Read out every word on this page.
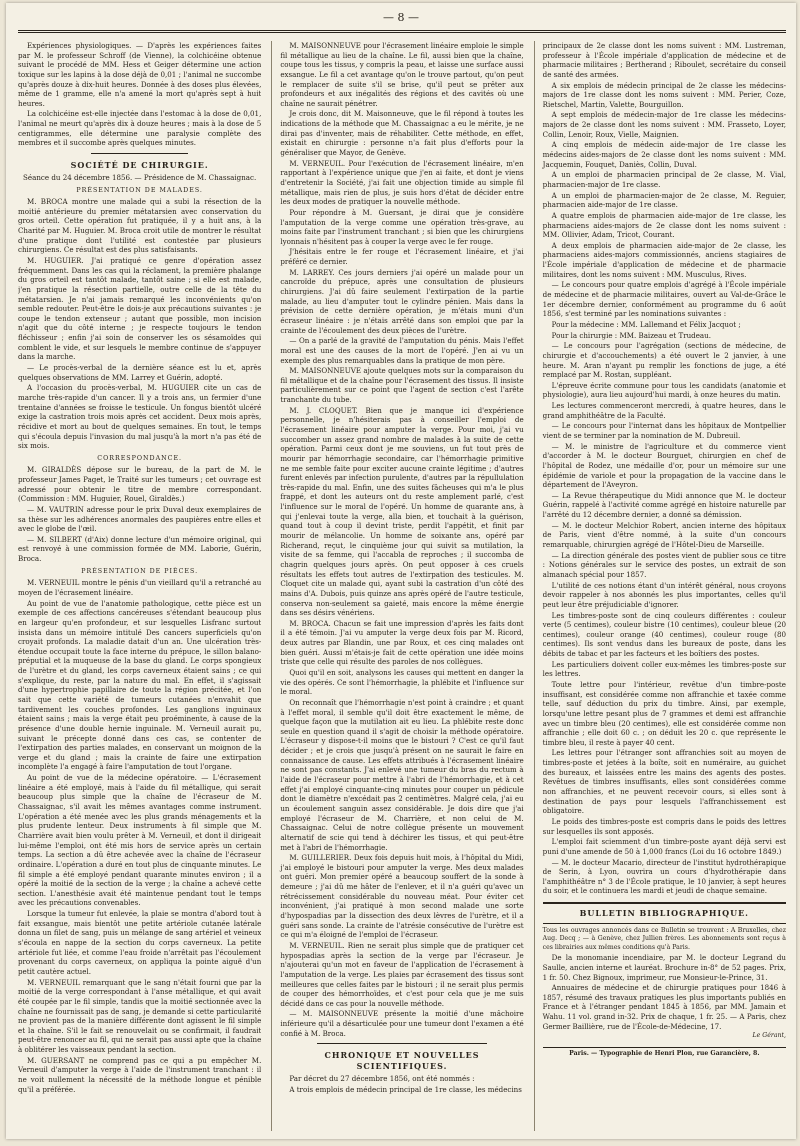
— 8 —

Expériences physiologiques. — D'après les expériences faites par M. le professeur Schroff (de Vienne), la colchicéine obtenue suivant le procédé de MM. Hess et Geiger détermine une action toxique sur les lapins à la dose déjà de 0,01 ; l'animal ne succombe qu'après douze à dix-huit heures. Donnée à des doses plus élevées, même de 1 gramme, elle n'a amené la mort qu'après sept à huit heures.

La colchicéine est-elle injectée dans l'estomac à la dose de 0,01, l'animal ne meurt qu'après dix à douze heures ; mais à la dose de 5 centigrammes, elle détermine une paralysie complète des membres et il succombe après quelques minutes.

SOCIÉTÉ DE CHIRURGIE.

Séance du 24 décembre 1856. — Présidence de M. Chassaignac.

PRÉSENTATION DE MALADES.

M. BROCA montre une malade qui a subi la résection de la moitié antérieure du premier métatarsien avec conservation du gros orteil. Cette opération fut pratiquée, il y a huit ans, à la Charité par M. Huguier. M. Broca croit utile de montrer le résultat d'une pratique dont l'utilité est contestée par plusieurs chirurgiens. Ce résultat est des plus satisfaisants.

M. HUGUIER. J'ai pratiqué ce genre d'opération assez fréquemment. Dans les cas qui la réclament, la première phalange du gros orteil est tantôt malade, tantôt saine ; si elle est malade, j'en pratique la résection partielle, outre celle de la tête du métatarsien. Je n'ai jamais remarqué les inconvénients qu'on semble redouter. Peut-être le dois-je aux précautions suivantes : je coupe le tendon extenseur ; autant que possible, mon incision n'agit que du côté interne ; je respecte toujours le tendon fléchisseur ; enfin j'ai soin de conserver les os sésamoïdes qui comblent le vide, et sur lesquels le membre continue de s'appuyer dans la marche.

— Le procès-verbal de la dernière séance est lu et, après quelques observations de MM. Larrey et Guérin, adopté.

A l'occasion du procès-verbal, M. HUGUIER cite un cas de marche très-rapide d'un cancer. Il y a trois ans, un fermier d'une trentaine d'années se froisse le testicule. Un fongus bientôt ulcéré exige la castration trois mois après cet accident. Deux mois après, récidive et mort au bout de quelques semaines. En tout, le temps qui s'écoula depuis l'invasion du mal jusqu'à la mort n'a pas été de six mois.

CORRESPONDANCE.

M. GIRALDÈS dépose sur le bureau, de la part de M. le professeur James Paget, le Traité sur les tumeurs ; cet ouvrage est adressé pour obtenir le titre de membre correspondant. (Commission : MM. Huguier, Rouel, Giraldès.)

— M. VAUTRIN adresse pour le prix Duval deux exemplaires de sa thèse sur les adhérences anormales des paupières entre elles et avec le globe de l'œil.

— M. SILBERT (d'Aix) donne lecture d'un mémoire original, qui est renvoyé à une commission formée de MM. Laborie, Guérin, Broca.

PRÉSENTATION DE PIÈCES.

M. VERNEUIL montre le pénis d'un vieillard qu'il a retranché au moyen de l'écrasement linéaire.

Au point de vue de l'anatomie pathologique, cette pièce est un exemple de ces affections cancéreuses s'étendant beaucoup plus en largeur qu'en profondeur, et sur lesquelles Lisfranc surtout insista dans un mémoire intitulé Des cancers superficiels qu'on croyait profonds. La maladie datait d'un an. Une ulcération très-étendue occupait toute la face interne du prépuce, le sillon balano-préputial et la muqueuse de la base du gland. Le corps spongieux de l'urètre et du gland, les corps caverneux étaient sains ; ce qui s'explique, du reste, par la nature du mal. En effet, il s'agissait d'une hypertrophie papillaire de toute la région précitée, et l'on sait que cette variété de tumeurs cutanées n'envahit que tardivement les couches profondes. Les ganglions inguinaux étaient sains ; mais la verge était peu proéminente, à cause de la présence d'une double hernie inguinale. M. Verneuil aurait pu, suivant le précepte donné dans ces cas, se contenter de l'extirpation des parties malades, en conservant un moignon de la verge et du gland ; mais la crainte de faire une extirpation incomplète l'a engagé à faire l'amputation de tout l'organe.

Au point de vue de la médecine opératoire. — L'écrasement linéaire a été employé, mais à l'aide du fil métallique, qui serait beaucoup plus simple que la chaîne de l'écraseur de M. Chassaignac, s'il avait les mêmes avantages comme instrument. L'opération a été menée avec les plus grands ménagements et la plus prudente lenteur. Deux instruments à fil simple que M. Charrière avait bien voulu prêter à M. Verneuil, et dont il dirigeait lui-même l'emploi, ont été mis hors de service après un certain temps. La section a dû être achevée avec la chaîne de l'écraseur ordinaire. L'opération a duré en tout plus de cinquante minutes. Le fil simple a été employé pendant quarante minutes environ ; il a opéré la moitié de la section de la verge ; la chaîne a achevé cette section. L'anesthésie avait été maintenue pendant tout le temps avec les précautions convenables.

Lorsque la tumeur fut enlevée, la plaie se montra d'abord tout à fait exsangue, mais bientôt une petite artériole cutanée latérale donna un filet de sang, puis un mélange de sang artériel et veineux s'écoula en nappe de la section du corps caverneux. La petite artériole fut liée, et comme l'eau froide n'arrêtait pas l'écoulement provenant du corps caverneux, on appliqua la pointe aiguë d'un petit cautère actuel.

M. VERNEUIL remarquant que le sang n'était fourni que par la moitié de la verge correspondant à l'anse métallique, et qui avait été coupée par le fil simple, tandis que la moitié sectionnée avec la chaîne ne fournissait pas de sang, je demande si cette particularité ne provient pas de la manière différente dont agissent le fil simple et la chaîne. S'il le fait se renouvelait ou se confirmait, il faudrait peut-être renoncer au fil, qui ne serait pas aussi apte que la chaîne à oblitérer les vaisseaux pendant la section.

M. GUERSANT ne comprend pas ce qui a pu empêcher M. Verneuil d'amputer la verge à l'aide de l'instrument tranchant : il ne voit nullement la nécessité de la méthode longue et pénible qu'il a préférée.

M. MAISONNEUVE pour l'écrasement linéaire emploie le simple fil métallique au lieu de la chaîne. Le fil, aussi bien que la chaîne, coupe tous les tissus, y compris la peau, et laisse une surface aussi exsangue. Le fil a cet avantage qu'on le trouve partout, qu'on peut le remplacer de suite s'il se brise, qu'il peut se prêter aux profondeurs et aux inégalités des régions et des cavités où une chaîne ne saurait pénétrer.

Je crois donc, dit M. Maisonneuve, que le fil répond à toutes les indications de la méthode que M. Chassaignac a eu le mérite, je ne dirai pas d'inventer, mais de réhabiliter. Cette méthode, en effet, existait en chirurgie : personne n'a fait plus d'efforts pour la généraliser que Mayor, de Genève.

M. VERNEUIL. Pour l'exécution de l'écrasement linéaire, m'en rapportant à l'expérience unique que j'en ai faite, et dont je viens d'entretenir la Société, j'ai fait une objection timide au simple fil métallique, mais rien de plus, je suis hors d'état de décider entre les deux modes de pratiquer la nouvelle méthode.

Pour répondre à M. Guersant, je dirai que je considère l'amputation de la verge comme une opération très-grave, au moins faite par l'instrument tranchant ; si bien que les chirurgiens lyonnais n'hésitent pas à couper la verge avec le fer rouge.

J'hésitais entre le fer rouge et l'écrasement linéaire, et j'ai préféré ce dernier.

M. LARREY. Ces jours derniers j'ai opéré un malade pour un cancroïde du prépuce, après une consultation de plusieurs chirurgiens. J'ai dû faire seulement l'extirpation de la partie malade, au lieu d'amputer tout le cylindre pénien. Mais dans la prévision de cette dernière opération, je m'étais muni d'un écraseur linéaire : je n'étais arrêté dans son emploi que par la crainte de l'écoulement des deux pièces de l'urètre.

— On a parlé de la gravité de l'amputation du pénis. Mais l'effet moral est une des causes de la mort de l'opéré. J'en ai vu un exemple des plus remarquables dans la pratique de mon père.

M. MAISONNEUVE ajoute quelques mots sur la comparaison du fil métallique et de la chaîne pour l'écrasement des tissus. Il insiste particulièrement sur ce point que l'agent de section c'est l'arête tranchante du tube.

M. J. CLOQUET. Bien que je manque ici d'expérience personnelle, je n'hésiterais pas à conseiller l'emploi de l'écrasement linéaire pour amputer la verge. Pour moi, j'ai vu succomber un assez grand nombre de malades à la suite de cette opération. Parmi ceux dont je me souviens, un fut tout près de mourir par hémorrhagie secondaire, car l'hémorrhagie primitive ne me semble faite pour exciter aucune crainte légitime ; d'autres furent enlevés par infection purulente, d'autres par la répullulation très-rapide du mal. Enfin, une des suites fâcheuses qui m'a le plus frappé, et dont les auteurs ont du reste amplement parlé, c'est l'influence sur le moral de l'opéré. Un homme de quarante ans, à qui j'enlevai toute la verge, alla bien, et touchait à la guérison, quand tout à coup il devint triste, perdit l'appétit, et finit par mourir de mélancolie. Un homme de soixante ans, opéré par Richerand, reçut, le cinquième jour qui suivit sa mutilation, la visite de sa femme, qui l'accabla de reproches ; il succomba de chagrin quelques jours après. On peut opposer à ces cruels résultats les effets tout autres de l'extirpation des testicules. M. Cloquet cite un malade qui, ayant subi la castration d'un côté des mains d'A. Dubois, puis quinze ans après opéré de l'autre testicule, conserva non-seulement sa gaieté, mais encore la même énergie dans ses désirs vénériens.

M. BROCA. Chacun se fait une impression d'après les faits dont il a été témoin. J'ai vu amputer la verge deux fois par M. Ricord, deux autres par Blandin, une par Roux, et ces cinq malades ont bien guéri. Aussi m'étais-je fait de cette opération une idée moins triste que celle qui résulte des paroles de nos collègues.

Quoi qu'il en soit, analysons les causes qui mettent en danger la vie des opérés. Ce sont l'hémorrhagie, la phlébite et l'influence sur le moral.

On reconnaît que l'hémorrhagie n'est point à craindre ; et quant à l'effet moral, il semble qu'il doit être exactement le même, de quelque façon que la mutilation ait eu lieu. La phlébite reste donc seule en question quand il s'agit de choisir la méthode opératoire. L'écraseur y dispose-t-il moins que le bistouri ? C'est ce qu'il faut décider ; et je crois que jusqu'à présent on ne saurait le faire en connaissance de cause. Les effets attribués à l'écrasement linéaire ne sont pas constants. J'ai enlevé une tumeur du bras du rectum à l'aide de l'écraseur pour mettre à l'abri de l'hémorrhagie, et à cet effet j'ai employé cinquante-cinq minutes pour couper un pédicule dont le diamètre n'excédait pas 2 centimètres. Malgré cela, j'ai eu un écoulement sanguin assez considérable. Je dois dire que j'ai employé l'écraseur de M. Charrière, et non celui de M. Chassaignac. Celui de notre collègue présente un mouvement alternatif de scie qui tend à déchirer les tissus, et qui peut-être met à l'abri de l'hémorrhagie.

M. GUILLERIER. Deux fois depuis huit mois, à l'hôpital du Midi, j'ai employé le bistouri pour amputer la verge. Mes deux malades ont guéri. Mon premier opéré a beaucoup souffert de la sonde à demeure ; j'ai dû me hâter de l'enlever, et il n'a guéri qu'avec un rétrécissement considérable du nouveau méat. Pour éviter cet inconvénient, j'ai pratiqué à mon second malade une sorte d'hypospadias par la dissection des deux lèvres de l'urètre, et il a guéri sans sonde. La crainte de l'atrésie consécutive de l'urètre est ce qui m'a éloigné de l'emploi de l'écraseur.

M. VERNEUIL. Rien ne serait plus simple que de pratiquer cet hypospadias après la section de la verge par l'écraseur. Je n'ajouterai qu'un mot en faveur de l'application de l'écrasement à l'amputation de la verge. Les plaies par écrasement des tissus sont meilleures que celles faites par le bistouri ; il ne serait plus permis de couper des hémorrhoïdes, et c'est pour cela que je me suis décidé dans ce cas pour la nouvelle méthode.

— M. MAISONNEUVE présente la moitié d'une mâchoire inférieure qu'il a désarticulée pour une tumeur dont l'examen a été confié à M. Broca.

CHRONIQUE ET NOUVELLES SCIENTIFIQUES.

Par décret du 27 décembre 1856, ont été nommés :

A trois emplois de médecin principal de 1re classe, les médecins

principaux de 2e classe dont les noms suivent : MM. Lustreman, professeur à l'École impériale d'application de médecine et de pharmacie militaires ; Bertherand ; Riboulet, secrétaire du conseil de santé des armées.

A six emplois de médecin principal de 2e classe les médecins-majors de 1re classe dont les noms suivent : MM. Perier, Coze, Rietschel, Martin, Valette, Bourguillon.

A sept emplois de médecin-major de 1re classe les médecins-majors de 2e classe dont les noms suivent : MM. Frasseto, Loyer, Collin, Lenoir, Roux, Vielle, Maignien.

A cinq emplois de médecin aide-major de 1re classe les médecins aides-majors de 2e classe dont les noms suivent : MM. Jacquemin, Fouquet, Daniès, Collin, Duval.

A un emploi de pharmacien principal de 2e classe, M. Vial, pharmacien-major de 1re classe.

A un emploi de pharmacien-major de 2e classe, M. Reguier, pharmacien aide-major de 1re classe.

A quatre emplois de pharmacien aide-major de 1re classe, les pharmaciens aides-majors de 2e classe dont les noms suivent : MM. Ollivier, Adam, Tricot, Courant.

A deux emplois de pharmacien aide-major de 2e classe, les pharmaciens aides-majors commissionnés, anciens stagiaires de l'École impériale d'application de médecine et de pharmacie militaires, dont les noms suivent : MM. Musculus, Rives.

— Le concours pour quatre emplois d'agrégé à l'École impériale de médecine et de pharmacie militaires, ouvert au Val-de-Grâce le 1er décembre dernier, conformément au programme du 6 août 1856, s'est terminé par les nominations suivantes :

Pour la médecine : MM. Lallemand et Félix Jacquot ;

Pour la chirurgie : MM. Baizeau et Trudeau.

— Le concours pour l'agrégation (sections de médecine, de chirurgie et d'accouchements) a été ouvert le 2 janvier, à une heure. M. Aran n'ayant pu remplir les fonctions de juge, a été remplacé par M. Rostan, suppléant.

L'épreuve écrite commune pour tous les candidats (anatomie et physiologie), aura lieu aujourd'hui mardi, à onze heures du matin.

Les lectures commenceront mercredi, à quatre heures, dans le grand amphithéâtre de la Faculté.

— Le concours pour l'internat dans les hôpitaux de Montpellier vient de se terminer par la nomination de M. Dubreuil.

— M. le ministre de l'agriculture et du commerce vient d'accorder à M. le docteur Bourguet, chirurgien en chef de l'hôpital de Rodez, une médaille d'or, pour un mémoire sur une épidémie de variole et pour la propagation de la vaccine dans le département de l'Aveyron.

— La Revue thérapeutique du Midi annonce que M. le docteur Guérin, rappelé à l'activité comme agrégé en histoire naturelle par l'arrêté du 12 décembre dernier, a donné sa démission.

— M. le docteur Melchior Robert, ancien interne des hôpitaux de Paris, vient d'être nommé, à la suite d'un concours remarquable, chirurgien agrégé de l'Hôtel-Dieu de Marseille.

— La direction générale des postes vient de publier sous ce titre : Notions générales sur le service des postes, un extrait de son almanach spécial pour 1857.

L'utilité de ces notions étant d'un intérêt général, nous croyons devoir rappeler à nos abonnés les plus importantes, celles qu'il peut leur être préjudiciable d'ignorer.

Les timbres-poste sont de cinq couleurs différentes : couleur verte (5 centimes), couleur bistre (10 centimes), couleur bleue (20 centimes), couleur orange (40 centimes), couleur rouge (80 centimes). Ils sont vendus dans les bureaux de poste, dans les débits de tabac et par les facteurs et les boîtiers des postes.

Les particuliers doivent coller eux-mêmes les timbres-poste sur les lettres.

Toute lettre pour l'intérieur, revêtue d'un timbre-poste insuffisant, est considérée comme non affranchie et taxée comme telle, sauf déduction du prix du timbre. Ainsi, par exemple, lorsqu'une lettre pesant plus de 7 grammes et demi est affranchie avec un timbre bleu (20 centimes), elle est considérée comme non affranchie ; elle doit 60 c. ; on déduit les 20 c. que représente le timbre bleu, il reste à payer 40 cent.

Les lettres pour l'étranger sont affranchies soit au moyen de timbres-poste et jetées à la boîte, soit en numéraire, au guichet des bureaux, et laissées entre les mains des agents des postes. Revêtues de timbres insuffisants, elles sont considérées comme non affranchies, et ne peuvent recevoir cours, si elles sont à destination de pays pour lesquels l'affranchissement est obligatoire.

Le poids des timbres-poste est compris dans le poids des lettres sur lesquelles ils sont apposés.

L'emploi fait sciemment d'un timbre-poste ayant déjà servi est puni d'une amende de 50 à 1,000 francs (Loi du 16 octobre 1849.)

— M. le docteur Macario, directeur de l'institut hydrothérapique de Serin, à Lyon, ouvrira un cours d'hydrothérapie dans l'amphithéâtre n° 3 de l'École pratique, le 10 janvier, à sept heures du soir, et le continuera les mardi et jeudi de chaque semaine.

BULLETIN BIBLIOGRAPHIQUE.

Tous les ouvrages annoncés dans ce Bulletin se trouvent : A Bruxelles, chez Aug. Decq ; — à Genève, chez Jullien frères. Les abonnements sont reçus à ces librairies aux mêmes conditions qu'à Paris.

De la monomanie incendiaire, par M. le docteur Legrand du Saulle, ancien interne et lauréat. Brochure in-8° de 52 pages. Prix, 1 fr. 50. Chez Bignoux, imprimeur, rue Monsieur-le-Prince, 31.

Annuaires de médecine et de chirurgie pratiques pour 1846 à 1857, résumé des travaux pratiques les plus importants publiés en France et à l'étranger pendant 1845 à 1856, par MM. Jamain et Wahu. 11 vol. grand in-32. Prix de chaque, 1 fr. 25. — A Paris, chez Germer Baillière, rue de l'École-de-Médecine, 17.

Le Gérant,
Paris. — Typographie de Henri Plon, rue Garancière, 8.
